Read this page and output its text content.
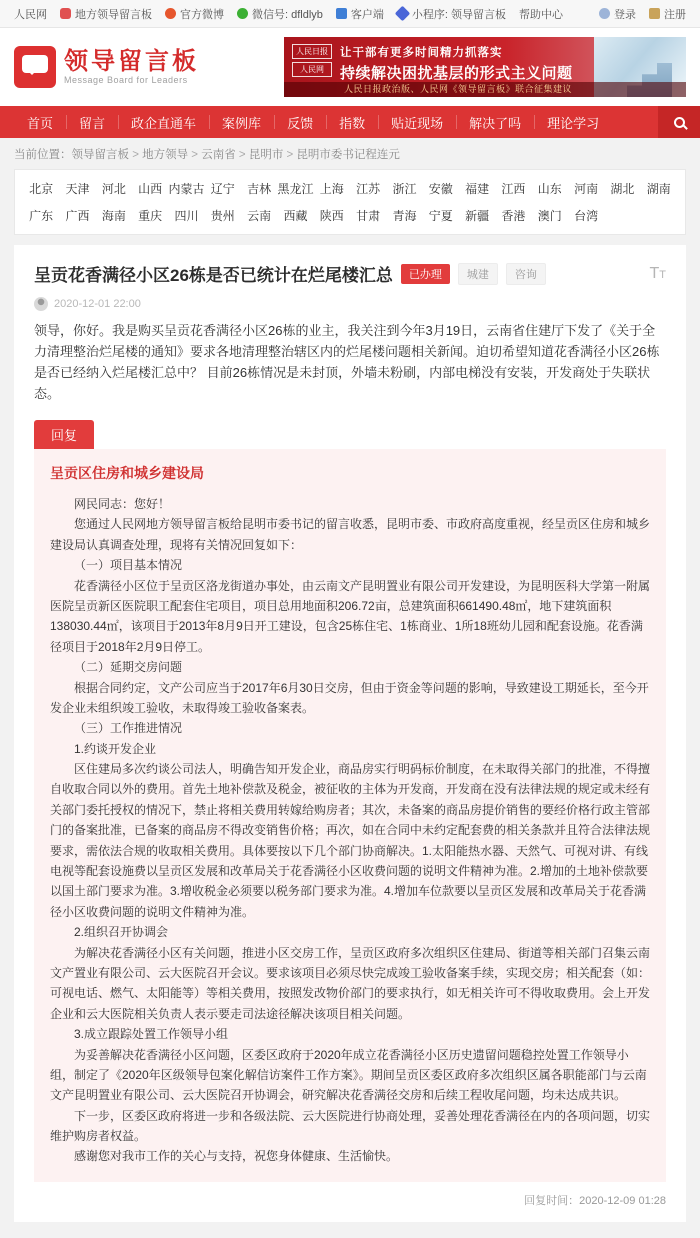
人民网	地方领导留言板	官方微博	微信号: dfldlyb	客户端	小程序: 领导留言板 帮助中心	登录	注册
领导留言板
Message Board for Leaders
人民日报
人民网
让干部有更多时间精力抓落实
持续解决困扰基层的形式主义问题
人民日报政治版、人民网《领导留言板》联合征集建议
首页	留言	政企直通车	案例库	反馈	指数	贴近现场	解决了吗	理论学习
当前位置：领导留言板 > 地方领导 > 云南省 > 昆明市 > 昆明市委书记程连元
北京	天津	河北	山西 内蒙古 辽宁	吉林 黑龙江 上海	江苏	浙江	安徽	福建	江西	山东	河南	湖北	湖南
广东	广西	海南	重庆	四川	贵州	云南	西藏	陕西	甘肃	青海	宁夏	新疆	香港	澳门	台湾
呈贡花香满径小区26栋是否已统计在烂尾楼汇总	已办理	城建	咨询	TT
2020-12-01 22:00

领导，你好。我是购买呈贡花香满径小区26栋的业主，我关注到今年3月19日，云南省住建厅下发了《关于全力清理整治烂尾楼的通知》要求各地清理整治辖区内的烂尾楼问题相关新闻。迫切希望知道花香满径小区26栋是否已经纳入烂尾楼汇总中？ 目前26栋情况是未封顶，外墙未粉刷，内部电梯没有安装，开发商处于失联状态。

回复
呈贡区住房和城乡建设局

网民同志：您好！

您通过人民网地方领导留言板给昆明市委书记的留言收悉，昆明市委、市政府高度重视，经呈贡区住房和城乡建设局认真调查处理，现将有关情况回复如下：

（一）项目基本情况

花香满径小区位于呈贡区洛龙街道办事处，由云南文产昆明置业有限公司开发建设，为昆明医科大学第一附属医院呈贡新区医院职工配套住宅项目，项目总用地面积206.72亩，总建筑面积661490.48㎡，地下建筑面积138030.44㎡，该项目于2013年8月9日开工建设，包含25栋住宅、1栋商业、1所18班幼儿园和配套设施。花香满径项目于2018年2月9日停工。

（二）延期交房问题

根据合同约定，文产公司应当于2017年6月30日交房，但由于资金等问题的影响，导致建设工期延长，至今开发企业未组织竣工验收，未取得竣工验收备案表。

（三）工作推进情况

1.约谈开发企业

区住建局多次约谈公司法人，明确告知开发企业，商品房实行明码标价制度，在未取得关部门的批准，不得擅自收取合同以外的费用。首先土地补偿款及税金，被征收的主体为开发商，开发商在没有法律法规的规定或未经有关部门委托授权的情况下，禁止将相关费用转嫁给购房者；其次，未备案的商品房提价销售的要经价格行政主管部门的备案批准，已备案的商品房不得改变销售价格；再次，如在合同中未约定配套费的相关条款并且符合法律法规要求，需依法合规的收取相关费用。具体要按以下几个部门协商解决。1.太阳能热水器、天然气、可视对讲、有线电视等配套设施费以呈贡区发展和改革局关于花香满径小区收费问题的说明文件精神为准。2.增加的土地补偿款要以国土部门要求为准。3.增收税金必须要以税务部门要求为准。4.增加车位款要以呈贡区发展和改革局关于花香满径小区收费问题的说明文件精神为准。

2.组织召开协调会

为解决花香满径小区有关问题，推进小区交房工作，呈贡区政府多次组织区住建局、街道等相关部门召集云南文产置业有限公司、云大医院召开会议。要求该项目必须尽快完成竣工验收备案手续，实现交房；相关配套（如：可视电话、燃气、太阳能等）等相关费用，按照发改物价部门的要求执行，如无相关许可不得收取费用。会上开发企业和云大医院相关负责人表示要走司法途径解决该项目相关问题。

3.成立跟踪处置工作领导小组

为妥善解决花香满径小区问题，区委区政府于2020年成立花香满径小区历史遗留问题稳控处置工作领导小组，制定了《2020年区级领导包案化解信访案件工作方案》。期间呈贡区委区政府多次组织区属各职能部门与云南文产昆明置业有限公司、云大医院召开协调会，研究解决花香满径交房和后续工程收尾问题，均未达成共识。

下一步，区委区政府将进一步和各级法院、云大医院进行协商处理，妥善处理花香满径在内的各项问题，切实维护购房者权益。

感谢您对我市工作的关心与支持，祝您身体健康、生活愉快。

回复时间：2020-12-09 01:28
